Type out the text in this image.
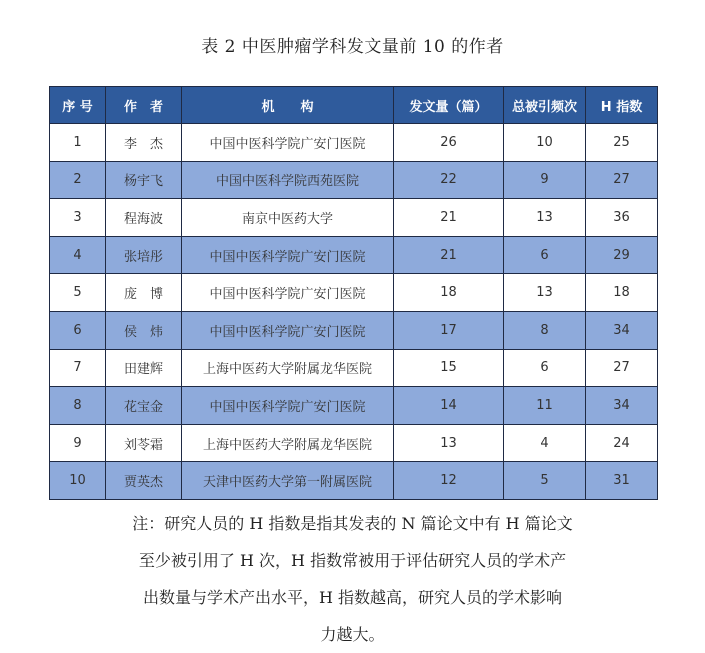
表 2 中医肿瘤学科发文量前 10 的作者
序 号	作　者	机　　构	发文量（篇）	总被引频次	H 指数
1	李　杰	中国中医科学院广安门医院	26	10	25
2	杨宇飞	中国中医科学院西苑医院	22	9	27
3	程海波	南京中医药大学	21	13	36
4	张培彤	中国中医科学院广安门医院	21	6	29
5	庞　博	中国中医科学院广安门医院	18	13	18
6	侯　炜	中国中医科学院广安门医院	17	8	34
7	田建辉	上海中医药大学附属龙华医院	15	6	27
8	花宝金	中国中医科学院广安门医院	14	11	34
9	刘苓霜	上海中医药大学附属龙华医院	13	4	24
10	贾英杰	天津中医药大学第一附属医院	12	5	31
注：研究人员的 H 指数是指其发表的 N 篇论文中有 H 篇论文
至少被引用了 H 次，H 指数常被用于评估研究人员的学术产
出数量与学术产出水平，H 指数越高，研究人员的学术影响
力越大。
